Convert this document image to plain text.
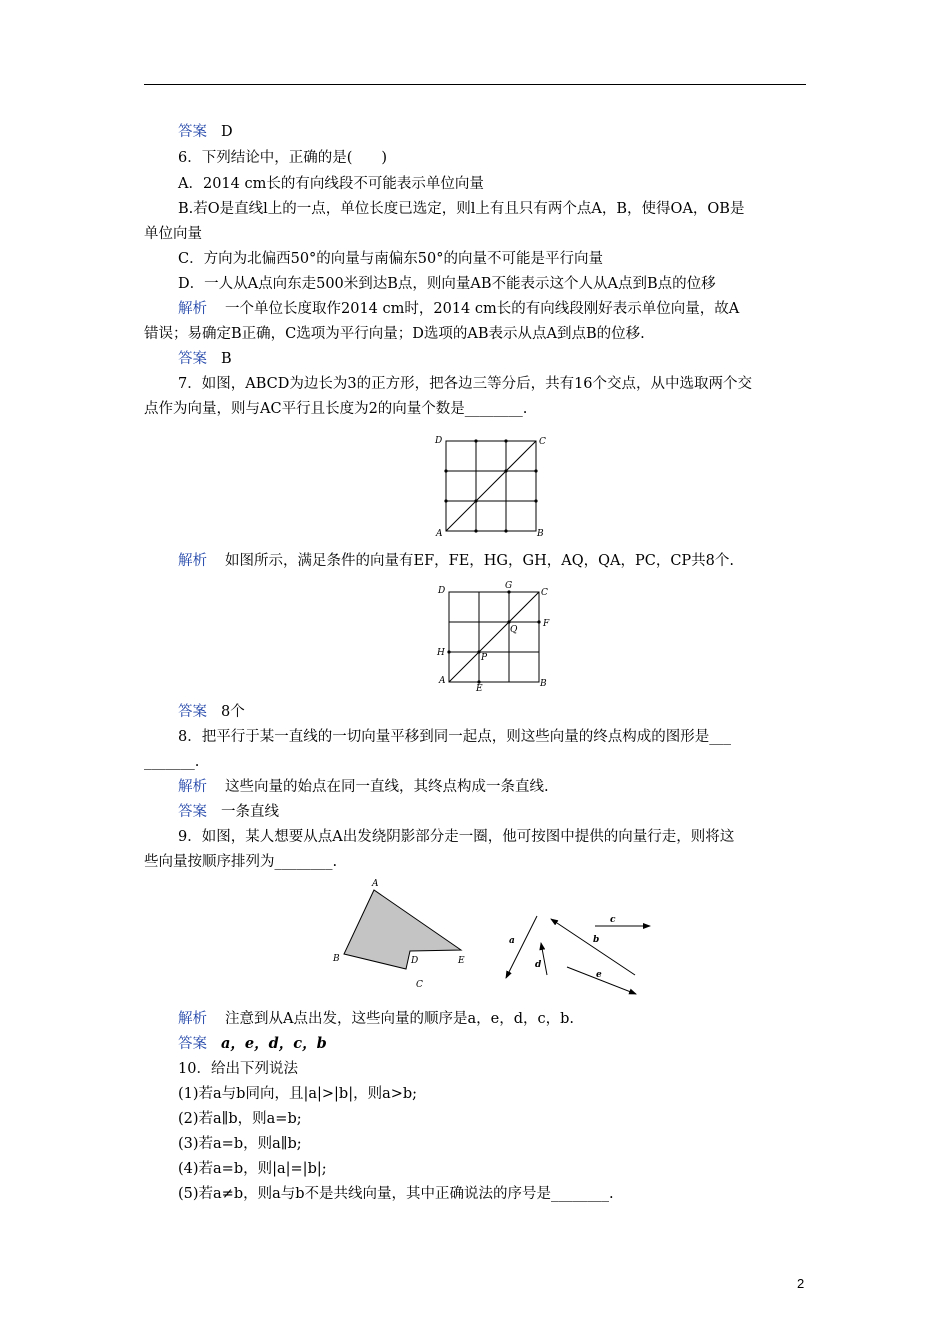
答案 D
6．下列结论中，正确的是(　　)
A．2014 cm长的有向线段不可能表示单位向量
B.若O是直线l上的一点，单位长度已选定，则l上有且只有两个点A，B，使得OA，OB是
单位向量
C．方向为北偏西50°的向量与南偏东50°的向量不可能是平行向量
D．一人从A点向东走500米到达B点，则向量AB不能表示这个人从A点到B点的位移
解析 一个单位长度取作2014 cm时，2014 cm长的有向线段刚好表示单位向量，故A
错误；易确定B正确，C选项为平行向量；D选项的AB表示从点A到点B的位移.
答案 B
7．如图，ABCD为边长为3的正方形，把各边三等分后，共有16个交点，从中选取两个交
点作为向量，则与AC平行且长度为2的向量个数是________.
D	C
A	B
解析 如图所示，满足条件的向量有EF，FE，HG，GH，AQ，QA，PC，CP共8个.
D	G
C
F
Q
H	P
A
E	B
答案 8个
8．把平行于某一直线的一切向量平移到同一起点，则这些向量的终点构成的图形是___
_______.
解析 这些向量的始点在同一直线，其终点构成一条直线.
答案 一条直线
9．如图，某人想要从点A出发绕阴影部分走一圈，他可按图中提供的向量行走，则将这
些向量按顺序排列为________.
A
B	D
C
E
a	b
c
d
e
解析 注意到从A点出发，这些向量的顺序是a，e，d，c，b.
答案 a，e，d，c，b
10．给出下列说法
(1)若a与b同向，且|a|>|b|，则a>b;
(2)若a∥b，则a=b;
(3)若a=b，则a∥b;
(4)若a=b，则|a|=|b|;
(5)若a≠b，则a与b不是共线向量，其中正确说法的序号是________.
2
